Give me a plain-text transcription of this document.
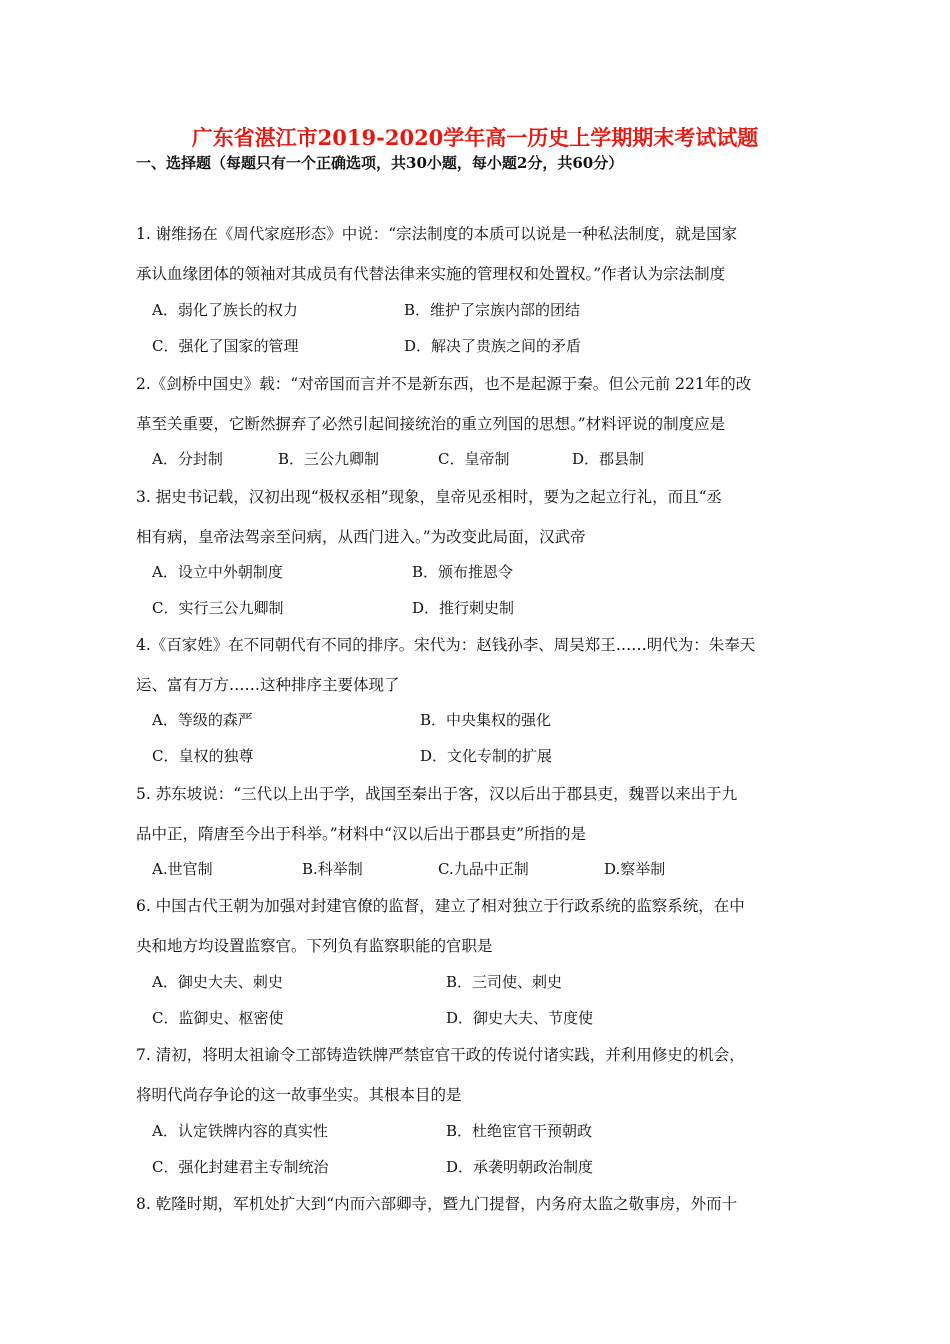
广东省湛江市2019-2020学年高一历史上学期期末考试试题
一、选择题（每题只有一个正确选项，共30小题，每小题2分，共60分）
1. 谢维扬在《周代家庭形态》中说：“宗法制度的本质可以说是一种私法制度，就是国家
承认血缘团体的领袖对其成员有代替法律来实施的管理权和处置权。”作者认为宗法制度
A．弱化了族长的权力	B．维护了宗族内部的团结
C．强化了国家的管理	D．解决了贵族之间的矛盾
2.《剑桥中国史》载：“对帝国而言并不是新东西，也不是起源于秦。但公元前 221年的改
革至关重要，它断然摒弃了必然引起间接统治的重立列国的思想。”材料评说的制度应是
A．分封制	B．三公九卿制	C．皇帝制	D．郡县制
3. 据史书记载，汉初出现“极权丞相”现象，皇帝见丞相时，要为之起立行礼，而且“丞
相有病，皇帝法驾亲至问病，从西门进入。”为改变此局面，汉武帝
A．设立中外朝制度	B．颁布推恩令
C．实行三公九卿制	D．推行刺史制
4.《百家姓》在不同朝代有不同的排序。宋代为：赵钱孙李、周吴郑王……明代为：朱奉天
运、富有万方……这种排序主要体现了
A．等级的森严	B．中央集权的强化
C．皇权的独尊	D．文化专制的扩展
5. 苏东坡说：“三代以上出于学，战国至秦出于客，汉以后出于郡县吏，魏晋以来出于九
品中正，隋唐至今出于科举。”材料中“汉以后出于郡县吏”所指的是
A.世官制	B.科举制	C.九品中正制	D.察举制
6. 中国古代王朝为加强对封建官僚的监督，建立了相对独立于行政系统的监察系统，在中
央和地方均设置监察官。下列负有监察职能的官职是
A．御史大夫、刺史	B．三司使、刺史
C．监御史、枢密使	D．御史大夫、节度使
7. 清初，将明太祖谕令工部铸造铁牌严禁宦官干政的传说付诸实践，并利用修史的机会，
将明代尚存争论的这一故事坐实。其根本目的是
A．认定铁牌内容的真实性	B．杜绝宦官干预朝政
C．强化封建君主专制统治	D．承袭明朝政治制度
8. 乾隆时期，军机处扩大到“内而六部卿寺，暨九门提督，内务府太监之敬事房，外而十
